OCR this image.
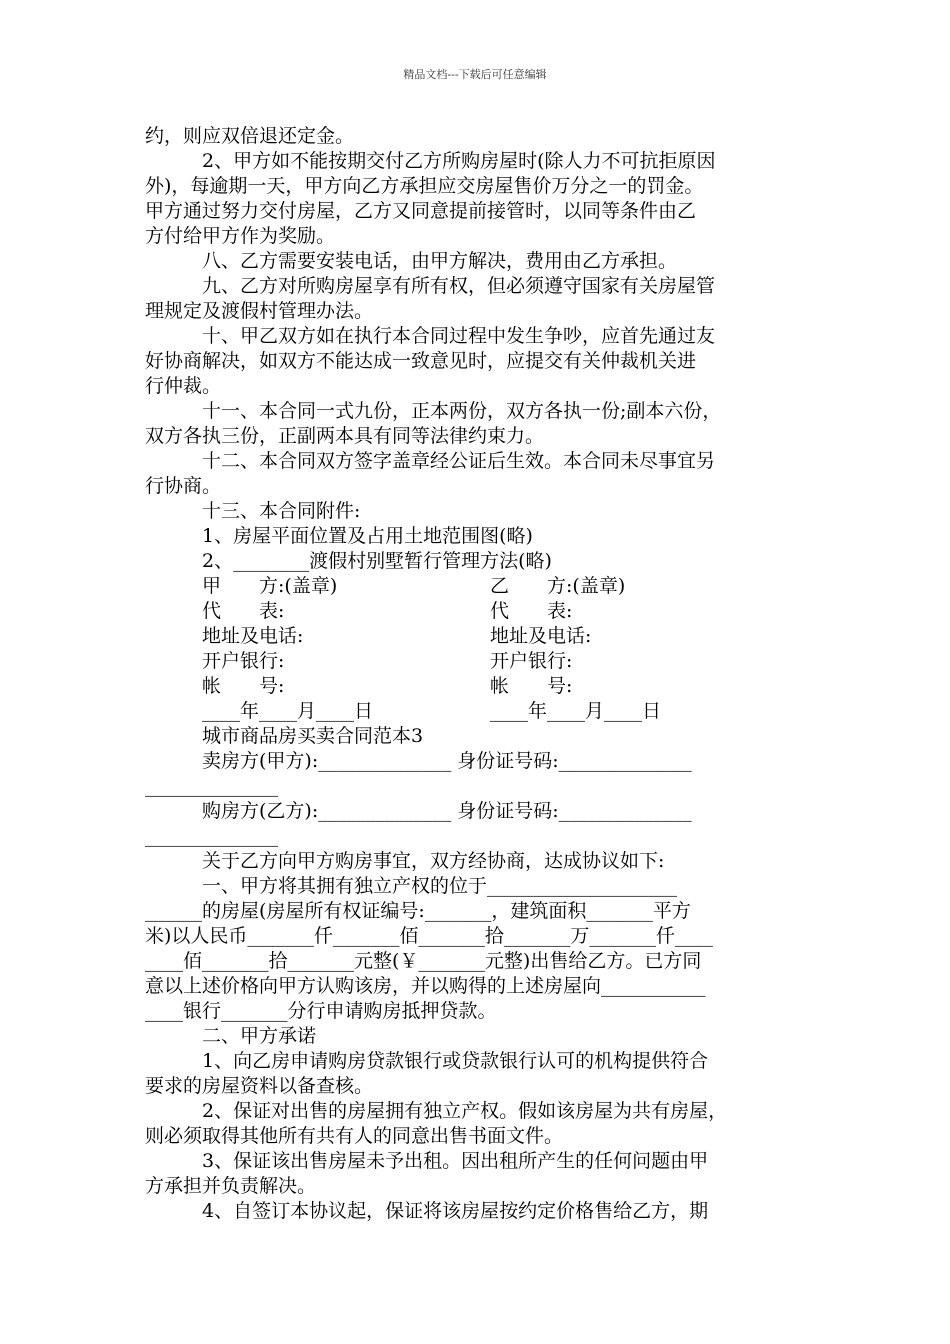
精品文档---下载后可任意编辑
约，则应双倍退还定金。
2、甲方如不能按期交付乙方所购房屋时(除人力不可抗拒原因
外)，每逾期一天，甲方向乙方承担应交房屋售价万分之一的罚金。
甲方通过努力交付房屋，乙方又同意提前接管时，以同等条件由乙
方付给甲方作为奖励。
八、乙方需要安装电话，由甲方解决，费用由乙方承担。
九、乙方对所购房屋享有所有权，但必须遵守国家有关房屋管
理规定及渡假村管理办法。
十、甲乙双方如在执行本合同过程中发生争吵，应首先通过友
好协商解决，如双方不能达成一致意见时，应提交有关仲裁机关进
行仲裁。
十一、本合同一式九份，正本两份，双方各执一份;副本六份，
双方各执三份，正副两本具有同等法律约束力。
十二、本合同双方签字盖章经公证后生效。本合同未尽事宜另
行协商。
十三、本合同附件:
1、房屋平面位置及占用土地范围图(略)
2、________渡假村别墅暂行管理方法(略)
甲　　方:(盖章)	乙　　方:(盖章)
代　　表:	代　　表:
地址及电话:	地址及电话:
开户银行:	开户银行:
帐　　号:	帐　　号:
____年____月____日	____年____月____日
城市商品房买卖合同范本3
卖房方(甲方):______________ 身份证号码:______________
______________
购房方(乙方):______________ 身份证号码:______________
______________
关于乙方向甲方购房事宜，双方经协商，达成协议如下:
一、甲方将其拥有独立产权的位于____________________
______的房屋(房屋所有权证编号:_______，建筑面积_______平方
米)以人民币_______仟_______佰_______拾_______万_______仟____
____佰_______拾_______元整(￥_______元整)出售给乙方。已方同
意以上述价格向甲方认购该房，并以购得的上述房屋向___________
____银行_______分行申请购房抵押贷款。
二、甲方承诺
1、向乙房申请购房贷款银行或贷款银行认可的机构提供符合
要求的房屋资料以备查核。
2、保证对出售的房屋拥有独立产权。假如该房屋为共有房屋，
则必须取得其他所有共有人的同意出售书面文件。
3、保证该出售房屋未予出租。因出租所产生的任何问题由甲
方承担并负责解决。
4、自签订本协议起，保证将该房屋按约定价格售给乙方，期
